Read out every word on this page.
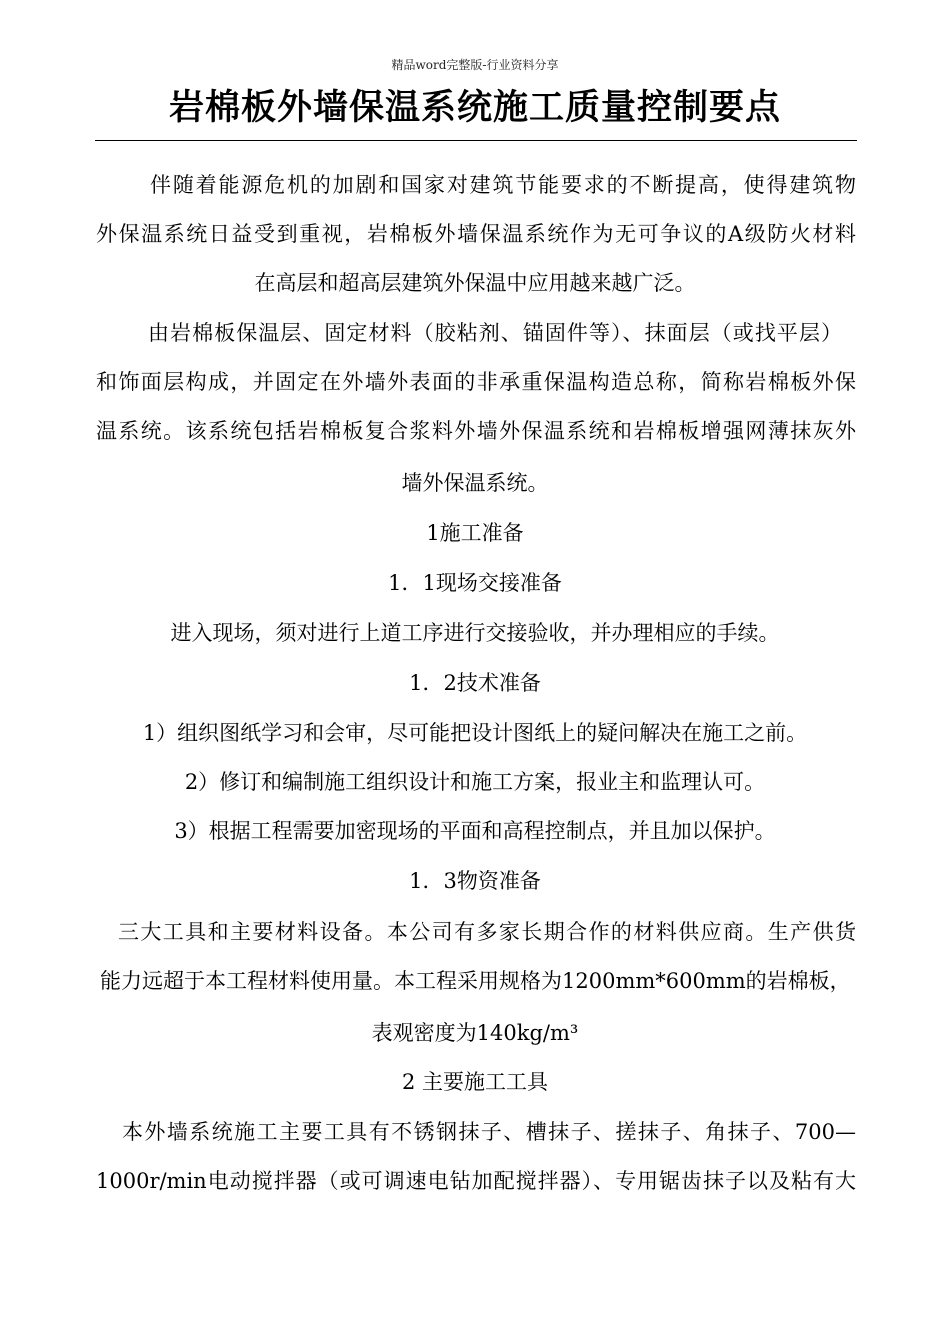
精品word完整版-行业资料分享
岩棉板外墙保温系统施工质量控制要点
伴随着能源危机的加剧和国家对建筑节能要求的不断提高，使得建筑物
外保温系统日益受到重视，岩棉板外墙保温系统作为无可争议的A级防火材料
在高层和超高层建筑外保温中应用越来越广泛。
由岩棉板保温层、固定材料（胶粘剂、锚固件等）、抹面层（或找平层）
和饰面层构成，并固定在外墙外表面的非承重保温构造总称，简称岩棉板外保
温系统。该系统包括岩棉板复合浆料外墙外保温系统和岩棉板增强网薄抹灰外
墙外保温系统。
1施工准备
1．1现场交接准备
进入现场，须对进行上道工序进行交接验收，并办理相应的手续。
1．2技术准备
1）组织图纸学习和会审，尽可能把设计图纸上的疑问解决在施工之前。
2）修订和编制施工组织设计和施工方案，报业主和监理认可。
3）根据工程需要加密现场的平面和高程控制点，并且加以保护。
1．3物资准备
三大工具和主要材料设备。本公司有多家长期合作的材料供应商。生产供货
能力远超于本工程材料使用量。本工程采用规格为1200mm*600mm的岩棉板，
表观密度为140kg/m³
2 主要施工工具
本外墙系统施工主要工具有不锈钢抹子、槽抹子、搓抹子、角抹子、700—
1000r/min电动搅拌器（或可调速电钻加配搅拌器）、专用锯齿抹子以及粘有大
